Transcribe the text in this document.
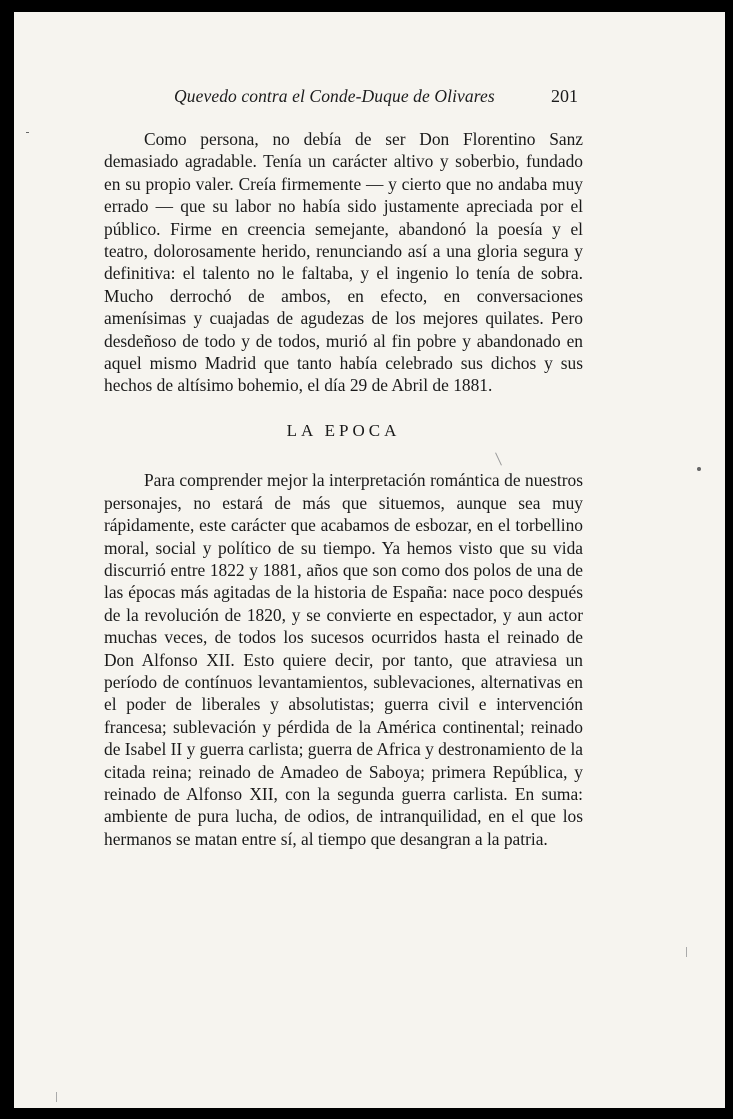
Quevedo contra el Conde-Duque de Olivares	201

Como persona, no debía de ser Don Florentino Sanz demasiado agradable. Tenía un carácter altivo y soberbio, fundado en su propio valer. Creía firmemente — y cierto que no andaba muy errado — que su labor no había sido justamente apreciada por el público. Firme en creencia semejante, abandonó la poesía y el teatro, dolorosamente herido, renunciando así a una gloria segura y definitiva: el talento no le faltaba, y el ingenio lo tenía de sobra. Mucho derrochó de ambos, en efecto, en conversaciones amenísimas y cuajadas de agudezas de los mejores quilates. Pero desdeñoso de todo y de todos, murió al fin pobre y abandonado en aquel mismo Madrid que tanto había celebrado sus dichos y sus hechos de altísimo bohemio, el día 29 de Abril de 1881.

LA EPOCA

Para comprender mejor la interpretación romántica de nuestros personajes, no estará de más que situemos, aunque sea muy rápidamente, este carácter que acabamos de esbozar, en el torbellino moral, social y político de su tiempo. Ya hemos visto que su vida discurrió entre 1822 y 1881, años que son como dos polos de una de las épocas más agitadas de la historia de España: nace poco después de la revolución de 1820, y se convierte en espectador, y aun actor muchas veces, de todos los sucesos ocurridos hasta el reinado de Don Alfonso XII. Esto quiere decir, por tanto, que atraviesa un período de contínuos levantamientos, sublevaciones, alternativas en el poder de liberales y absolutistas; guerra civil e intervención francesa; sublevación y pérdida de la América continental; reinado de Isabel II y guerra carlista; guerra de Africa y destronamiento de la citada reina; reinado de Amadeo de Saboya; primera República, y reinado de Alfonso XII, con la segunda guerra carlista. En suma: ambiente de pura lucha, de odios, de intranquilidad, en el que los hermanos se matan entre sí, al tiempo que desangran a la patria.
